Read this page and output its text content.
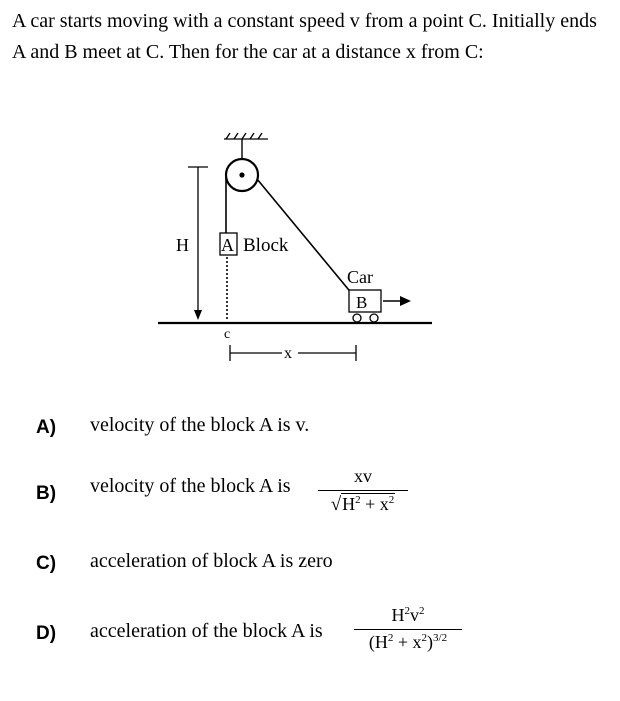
A car starts moving with a constant speed v from a point C. Initially ends A and B meet at C. Then for the car at a distance x from C:
H A Block
Car
B
c
x
A) velocity of the block A is v.
B) velocity of the block A is	xv
$√H^2 + x^2$
C) acceleration of block A is zero
D) acceleration of the block A is
$H^2v^2$
$(H^2 + x^2)^{3/2}$
